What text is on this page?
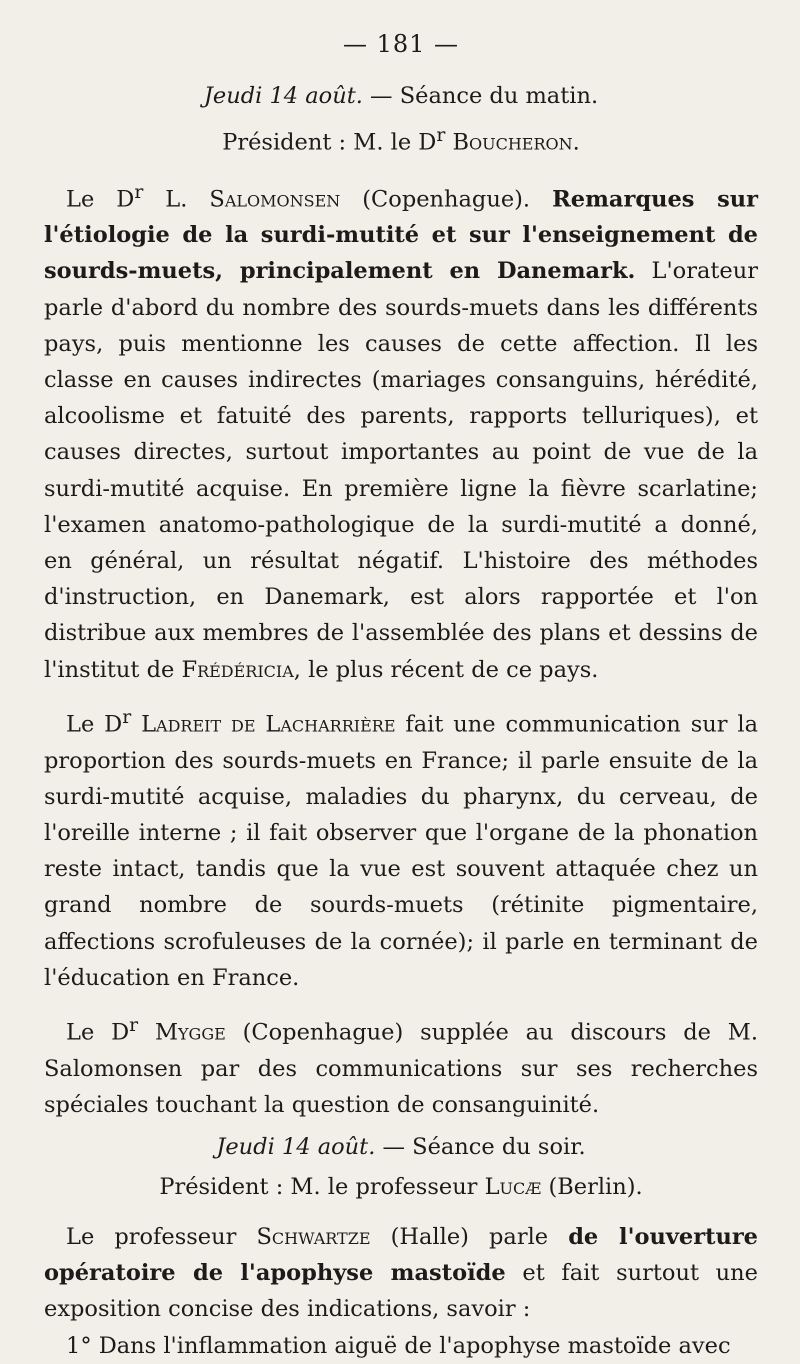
— 181 —
Jeudi 14 août. — Séance du matin.
Président : M. le $D^r$ Boucheron.

Le $D^r$ L. Salomonsen (Copenhague). Remarques sur l'étiologie de la surdi-mutité et sur l'enseignement de sourds-muets, principalement en Danemark. L'orateur parle d'abord du nombre des sourds-muets dans les différents pays, puis mentionne les causes de cette affection. Il les classe en causes indirectes (mariages consanguins, hérédité, alcoolisme et fatuité des parents, rapports telluriques), et causes directes, surtout importantes au point de vue de la surdi-mutité acquise. En première ligne la fièvre scarlatine; l'examen anatomo-pathologique de la surdi-mutité a donné, en général, un résultat négatif. L'histoire des méthodes d'instruction, en Danemark, est alors rapportée et l'on distribue aux membres de l'assemblée des plans et dessins de l'institut de Frédéricia, le plus récent de ce pays.

Le $D^r$ Ladreit de Lacharrière fait une communication sur la proportion des sourds-muets en France; il parle ensuite de la surdi-mutité acquise, maladies du pharynx, du cerveau, de l'oreille interne ; il fait observer que l'organe de la phonation reste intact, tandis que la vue est souvent attaquée chez un grand nombre de sourds-muets (rétinite pigmentaire, affections scrofuleuses de la cornée); il parle en terminant de l'éducation en France.

Le $D^r$ Mygge (Copenhague) supplée au discours de M. Salomonsen par des communications sur ses recherches spéciales touchant la question de consanguinité.

Jeudi 14 août. — Séance du soir.
Président : M. le professeur Lucæ (Berlin).

Le professeur Schwartze (Halle) parle de l'ouverture opératoire de l'apophyse mastoïde et fait surtout une exposition concise des indications, savoir :

1° Dans l'inflammation aiguë de l'apophyse mastoïde avec
